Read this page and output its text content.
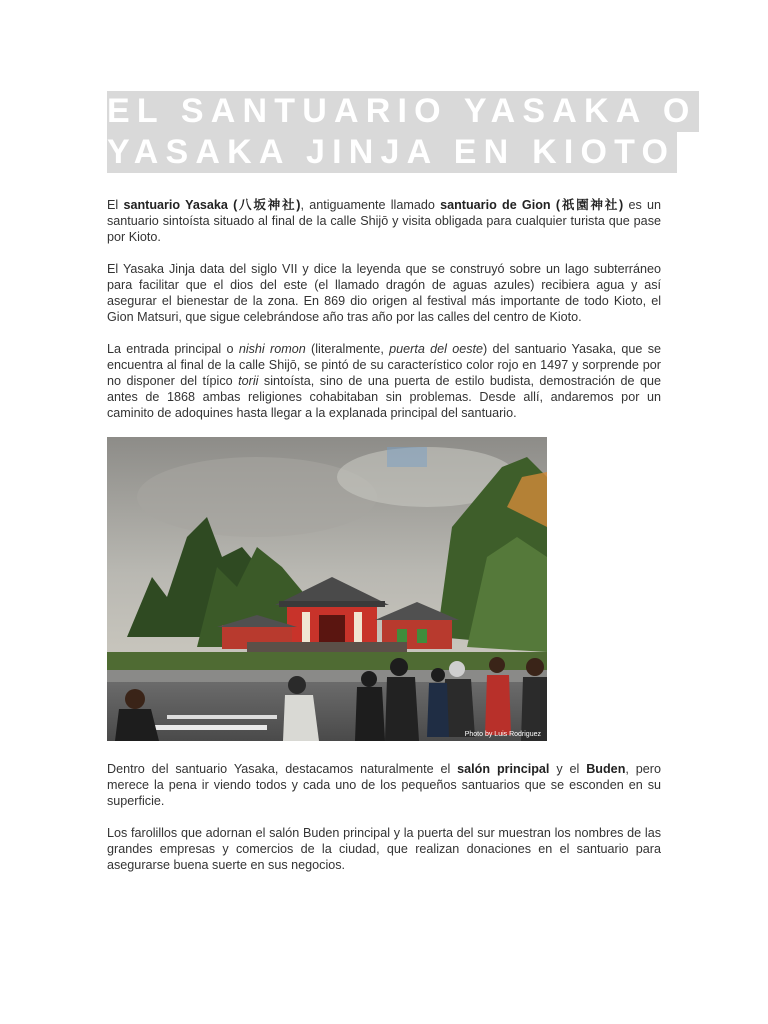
EL SANTUARIO YASAKA O
YASAKA JINJA EN KIOTO

El santuario Yasaka (八坂神社), antiguamente llamado santuario de Gion (祇園神社) es un santuario sintoísta situado al final de la calle Shijō y visita obligada para cualquier turista que pase por Kioto.

El Yasaka Jinja data del siglo VII y dice la leyenda que se construyó sobre un lago subterráneo para facilitar que el dios del este (el llamado dragón de aguas azules) recibiera agua y así asegurar el bienestar de la zona. En 869 dio origen al festival más importante de todo Kioto, el Gion Matsuri, que sigue celebrándose año tras año por las calles del centro de Kioto.

La entrada principal o nishi romon (literalmente, puerta del oeste) del santuario Yasaka, que se encuentra al final de la calle Shijō, se pintó de su característico color rojo en 1497 y sorprende por no disponer del típico torii sintoísta, sino de una puerta de estilo budista, demostración de que antes de 1868 ambas religiones cohabitaban sin problemas. Desde allí, andaremos por un caminito de adoquines hasta llegar a la explanada principal del santuario.

Photo by Luis Rodriguez

Dentro del santuario Yasaka, destacamos naturalmente el salón principal y el Buden, pero merece la pena ir viendo todos y cada uno de los pequeños santuarios que se esconden en su superficie.

Los farolillos que adornan el salón Buden principal y la puerta del sur muestran los nombres de las grandes empresas y comercios de la ciudad, que realizan donaciones en el santuario para asegurarse buena suerte en sus negocios.
